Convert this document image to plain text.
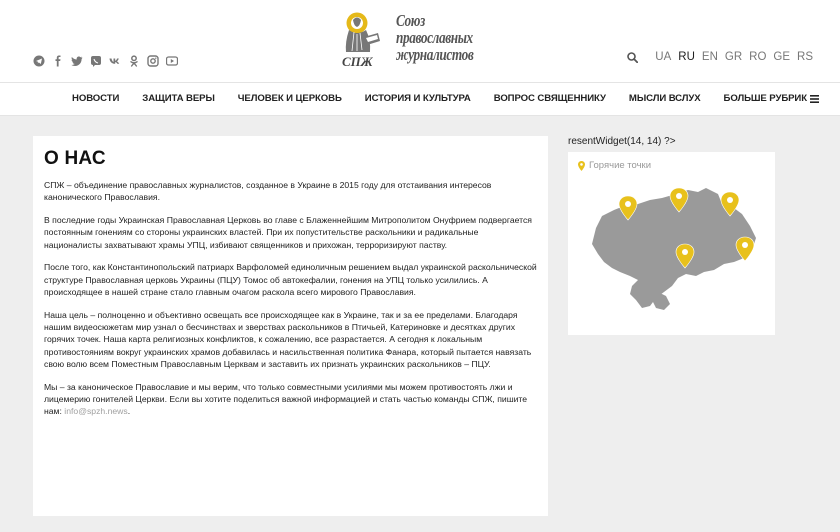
СПЖ
Союз
православных
журналистов	UA RU EN GR RO GE RS
НОВОСТИ ЗАЩИТА ВЕРЫ ЧЕЛОВЕК И ЦЕРКОВЬ ИСТОРИЯ И КУЛЬТУРА ВОПРОС СВЯЩЕННИКУ МЫСЛИ ВСЛУХ БОЛЬШЕ РУБРИК
О НАС

СПЖ – объединение православных журналистов, созданное в Украине в 2015 году для отстаивания интересов канонического Православия.

В последние годы Украинская Православная Церковь во главе с Блаженнейшим Митрополитом Онуфрием подвергается постоянным гонениям со стороны украинских властей. При их попустительстве раскольники и радикальные националисты захватывают храмы УПЦ, избивают священников и прихожан, терроризируют паству.

После того, как Константинопольский патриарх Варфоломей единоличным решением выдал украинской раскольнической структуре Православная церковь Украины (ПЦУ) Томос об автокефалии, гонения на УПЦ только усилились. А происходящее в нашей стране стало главным очагом раскола всего мирового Православия.

Наша цель – полноценно и объективно освещать все происходящее как в Украине, так и за ее пределами. Благодаря нашим видеосюжетам мир узнал о бесчинствах и зверствах раскольников в Птичьей, Катериновке и десятках других горячих точек. Наша карта религиозных конфликтов, к сожалению, все разрастается. А сегодня к локальным противостояниям вокруг украинских храмов добавилась и насильственная политика Фанара, который пытается навязать свою волю всем Поместным Православным Церквам и заставить их признать украинских раскольников – ПЦУ.

Мы – за каноническое Православие и мы верим, что только совместными усилиями мы можем противостоять лжи и лицемерию гонителей Церкви. Если вы хотите поделиться важной информацией и стать частью команды СПЖ, пишите нам: info@spzh.news.

resentWidget(14, 14) ?>
Горячие точки
